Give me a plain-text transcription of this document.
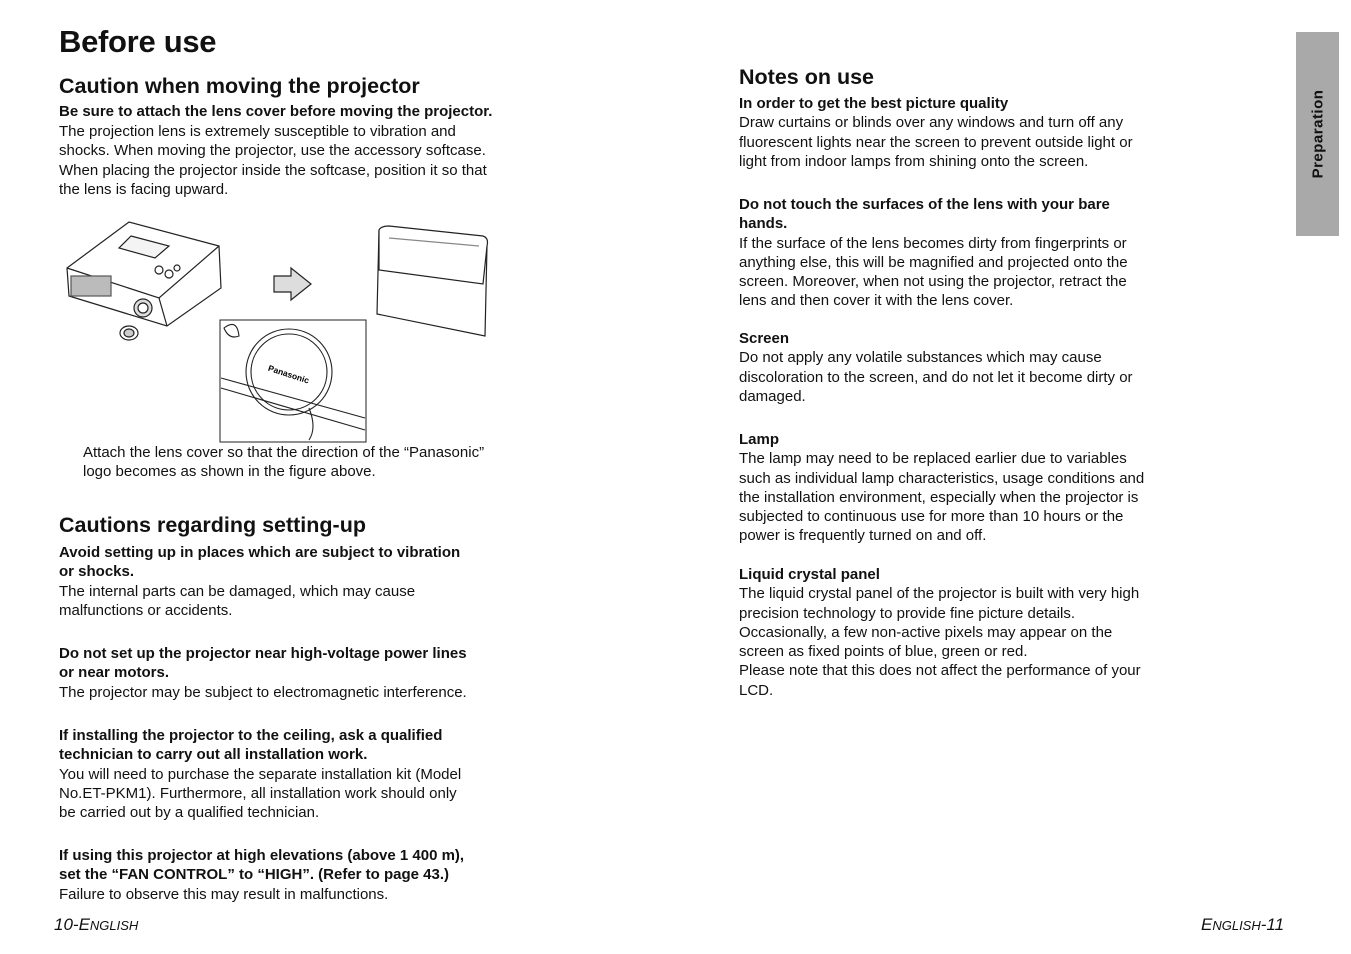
Before use
Caution when moving the projector
Be sure to attach the lens cover before moving the projector.
The projection lens is extremely susceptible to vibration and
shocks. When moving the projector, use the accessory softcase.
When placing the projector inside the softcase, position it so that
the lens is facing upward.
Panasonic
Attach the lens cover so that the direction of the “Panasonic”
logo becomes as shown in the figure above.
Cautions regarding setting-up
Avoid setting up in places which are subject to vibration
or shocks.
The internal parts can be damaged, which may cause
malfunctions or accidents.
Do not set up the projector near high-voltage power lines
or near motors.
The projector may be subject to electromagnetic interference.
If installing the projector to the ceiling, ask a qualified
technician to carry out all installation work.
You will need to purchase the separate installation kit (Model
No.ET-PKM1). Furthermore, all installation work should only
be carried out by a qualified technician.
If using this projector at high elevations (above 1 400 m),
set the “FAN CONTROL” to “HIGH”. (Refer to page 43.)
Failure to observe this may result in malfunctions.
10-ENGLISH
Notes on use
In order to get the best picture quality
Draw curtains or blinds over any windows and turn off any
fluorescent lights near the screen to prevent outside light or
light from indoor lamps from shining onto the screen.
Do not touch the surfaces of the lens with your bare
hands.
If the surface of the lens becomes dirty from fingerprints or
anything else, this will be magnified and projected onto the
screen. Moreover, when not using the projector, retract the
lens and then cover it with the lens cover.
Screen
Do not apply any volatile substances which may cause
discoloration to the screen, and do not let it become dirty or
damaged.
Lamp
The lamp may need to be replaced earlier due to variables
such as individual lamp characteristics, usage conditions and
the installation environment, especially when the projector is
subjected to continuous use for more than 10 hours or the
power is frequently turned on and off.
Liquid crystal panel
The liquid crystal panel of the projector is built with very high
precision technology to provide fine picture details.
Occasionally, a few non-active pixels may appear on the
screen as fixed points of blue, green or red.
Please note that this does not affect the performance of your
LCD.
ENGLISH-11
Preparation
